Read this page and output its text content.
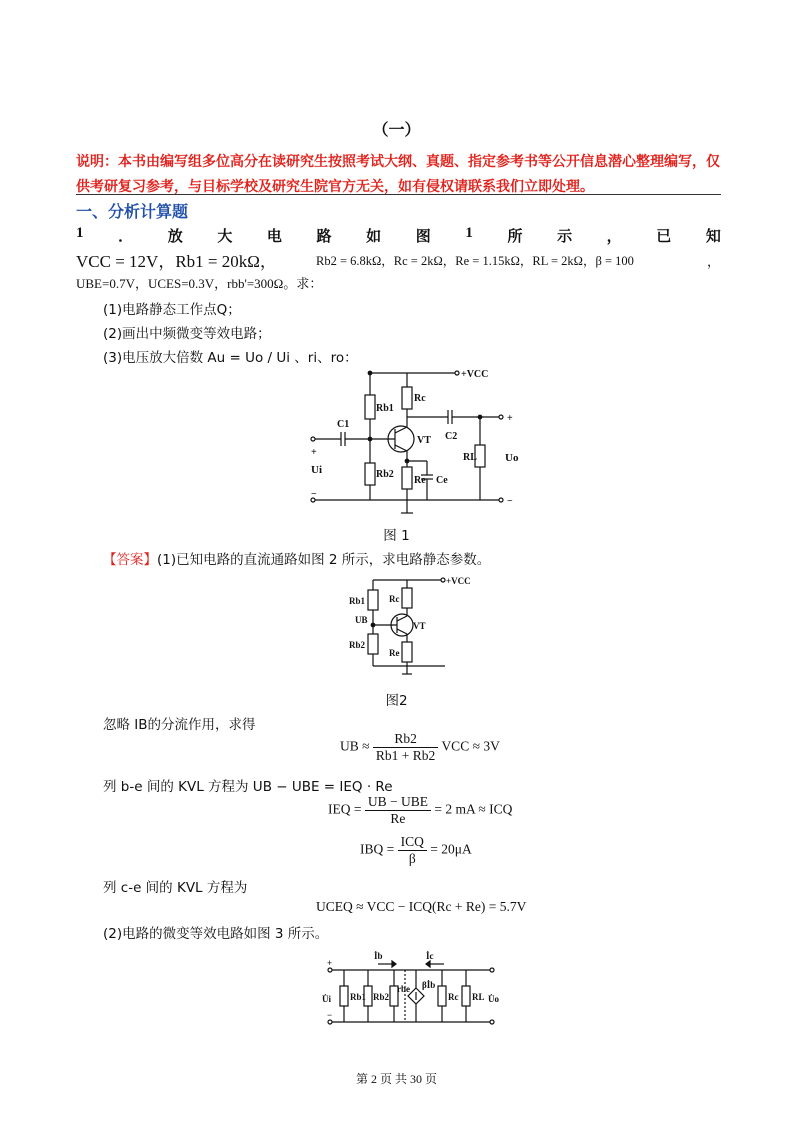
（一）
说明：本书由编写组多位高分在读研究生按照考试大纲、真题、指定参考书等公开信息潜心整理编写，仅供考研复习参考，与目标学校及研究生院官方无关，如有侵权请联系我们立即处理。
一、分析计算题
1 ． 放 大 电 路 如 图 1 所 示 ， 已 知
VCC = 12V，Rb1 = 20kΩ，	Rb2 = 6.8kΩ，Rc = 2kΩ，Re = 1.15kΩ，RL = 2kΩ，β = 100	，
UBE=0.7V，UCES=0.3V，rbb'=300Ω。求：
(1)电路静态工作点Q；
(2)画出中频微变等效电路；
(3)电压放大倍数 Au = Uo / Ui 、ri、ro：
+VCC
Rb1
Rb2
Rc
Re Ce
C1
C2
RL
VT
Ui
Uo
+
+
−
−
图 1
【答案】(1)已知电路的直流通路如图 2 所示，求电路静态参数。
+VCC
Rb1
Rb2
Rc
Re
UB
VT
图2
忽略 IB的分流作用，求得
UB ≈ $\frac{Rb2}{Rb1 + Rb2}$ VCC ≈ 3V
列 b-e 间的 KVL 方程为 UB − UBE = IEQ · Re
IEQ = $\frac{\text{UB − UBE}}{Re} = 2$ mA ≈ ICQ
IBQ = $\frac{\text{ICQ}}{\beta} = 20\mu A$
列 c-e 间的 KVL 方程为
UCEQ ≈ VCC − ICQ(Rc + Re) = 5.7V
(2)电路的微变等效电路如图 3 所示。
İb	İc
U̇i Rb1 Rb2
rbe βİb
Rc RL U̇o
+
−
第 2 页 共 30 页
